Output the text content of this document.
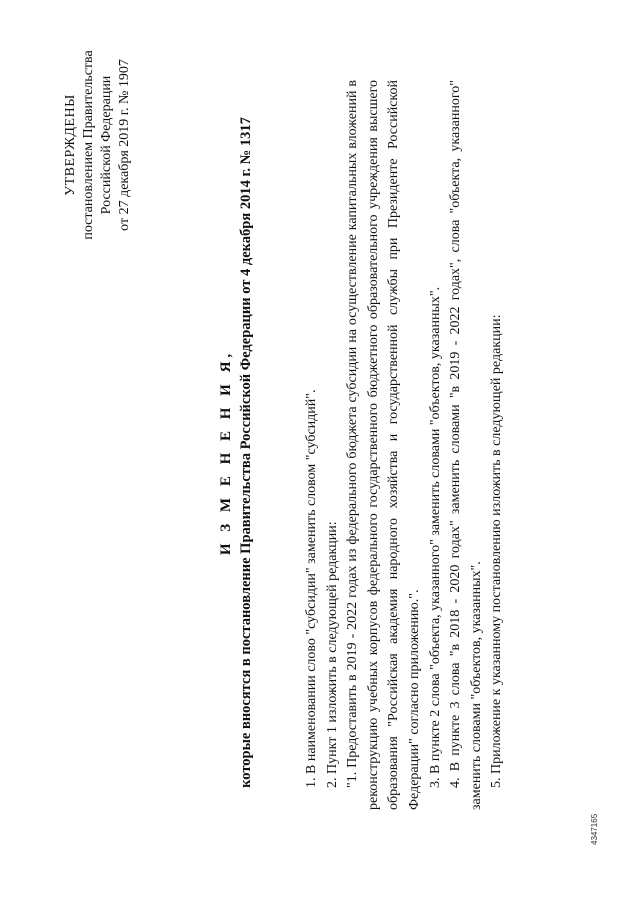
УТВЕРЖДЕНЫ постановлением Правительства Российской Федерации от 27 декабря 2019 г. № 1907
И З М Е Н Е Н И Я, которые вносятся в постановление Правительства Российской Федерации от 4 декабря 2014 г. № 1317	1. В наименовании слово "субсидии" заменить словом "субсидий". 2. Пункт 1 изложить в следующей редакции: "1. Предоставить в 2019 - 2022 годах из федерального бюджета субсидии на осуществление капитальных вложений в реконструкцию учебных корпусов федерального государственного бюджетного образовательного учреждения высшего образования "Российская академия народного хозяйства и государственной службы при Президенте Российской Федерации" согласно приложению.". 3. В пункте 2 слова "объекта, указанного" заменить словами "объектов, указанных". 4. В пункте 3 слова "в 2018 - 2020 годах" заменить словами "в 2019 - 2022 годах", слова "объекта, указанного" заменить словами "объектов, указанных". 5. Приложение к указанному постановлению изложить в следующей редакции:

4347165
